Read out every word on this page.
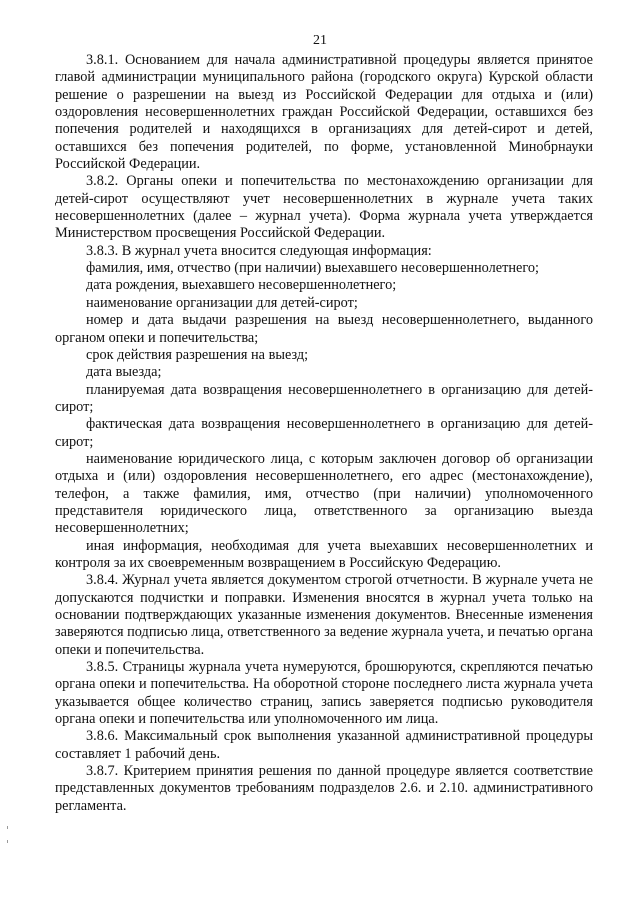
21

3.8.1. Основанием для начала административной процедуры является принятое главой администрации муниципального района (городского округа) Курской области решение о разрешении на выезд из Российской Федерации для отдыха и (или) оздоровления несовершеннолетних граждан Российской Федерации, оставшихся без попечения родителей и находящихся в организациях для детей-сирот и детей, оставшихся без попечения родителей, по форме, установленной Минобрнауки Российской Федерации.

3.8.2. Органы опеки и попечительства по местонахождению организации для детей-сирот осуществляют учет несовершеннолетних в журнале учета таких несовершеннолетних (далее – журнал учета). Форма журнала учета утверждается Министерством просвещения Российской Федерации.

3.8.3. В журнал учета вносится следующая информация:

фамилия, имя, отчество (при наличии) выехавшего несовершеннолетнего;

дата рождения, выехавшего несовершеннолетнего;

наименование организации для детей-сирот;

номер и дата выдачи разрешения на выезд несовершеннолетнего, выданного органом опеки и попечительства;

срок действия разрешения на выезд;

дата выезда;

планируемая дата возвращения несовершеннолетнего в организацию для детей-сирот;

фактическая дата возвращения несовершеннолетнего в организацию для детей-сирот;

наименование юридического лица, с которым заключен договор об организации отдыха и (или) оздоровления несовершеннолетнего, его адрес (местонахождение), телефон, а также фамилия, имя, отчество (при наличии) уполномоченного представителя юридического лица, ответственного за организацию выезда несовершеннолетних;

иная информация, необходимая для учета выехавших несовершеннолетних и контроля за их своевременным возвращением в Российскую Федерацию.

3.8.4. Журнал учета является документом строгой отчетности. В журнале учета не допускаются подчистки и поправки. Изменения вносятся в журнал учета только на основании подтверждающих указанные изменения документов. Внесенные изменения заверяются подписью лица, ответственного за ведение журнала учета, и печатью органа опеки и попечительства.

3.8.5. Страницы журнала учета нумеруются, брошюруются, скрепляются печатью органа опеки и попечительства. На оборотной стороне последнего листа журнала учета указывается общее количество страниц, запись заверяется подписью руководителя органа опеки и попечительства или уполномоченного им лица.

3.8.6. Максимальный срок выполнения указанной административной процедуры составляет 1 рабочий день.

3.8.7. Критерием принятия решения по данной процедуре является соответствие представленных документов требованиям подразделов 2.6. и 2.10. административного регламента.
